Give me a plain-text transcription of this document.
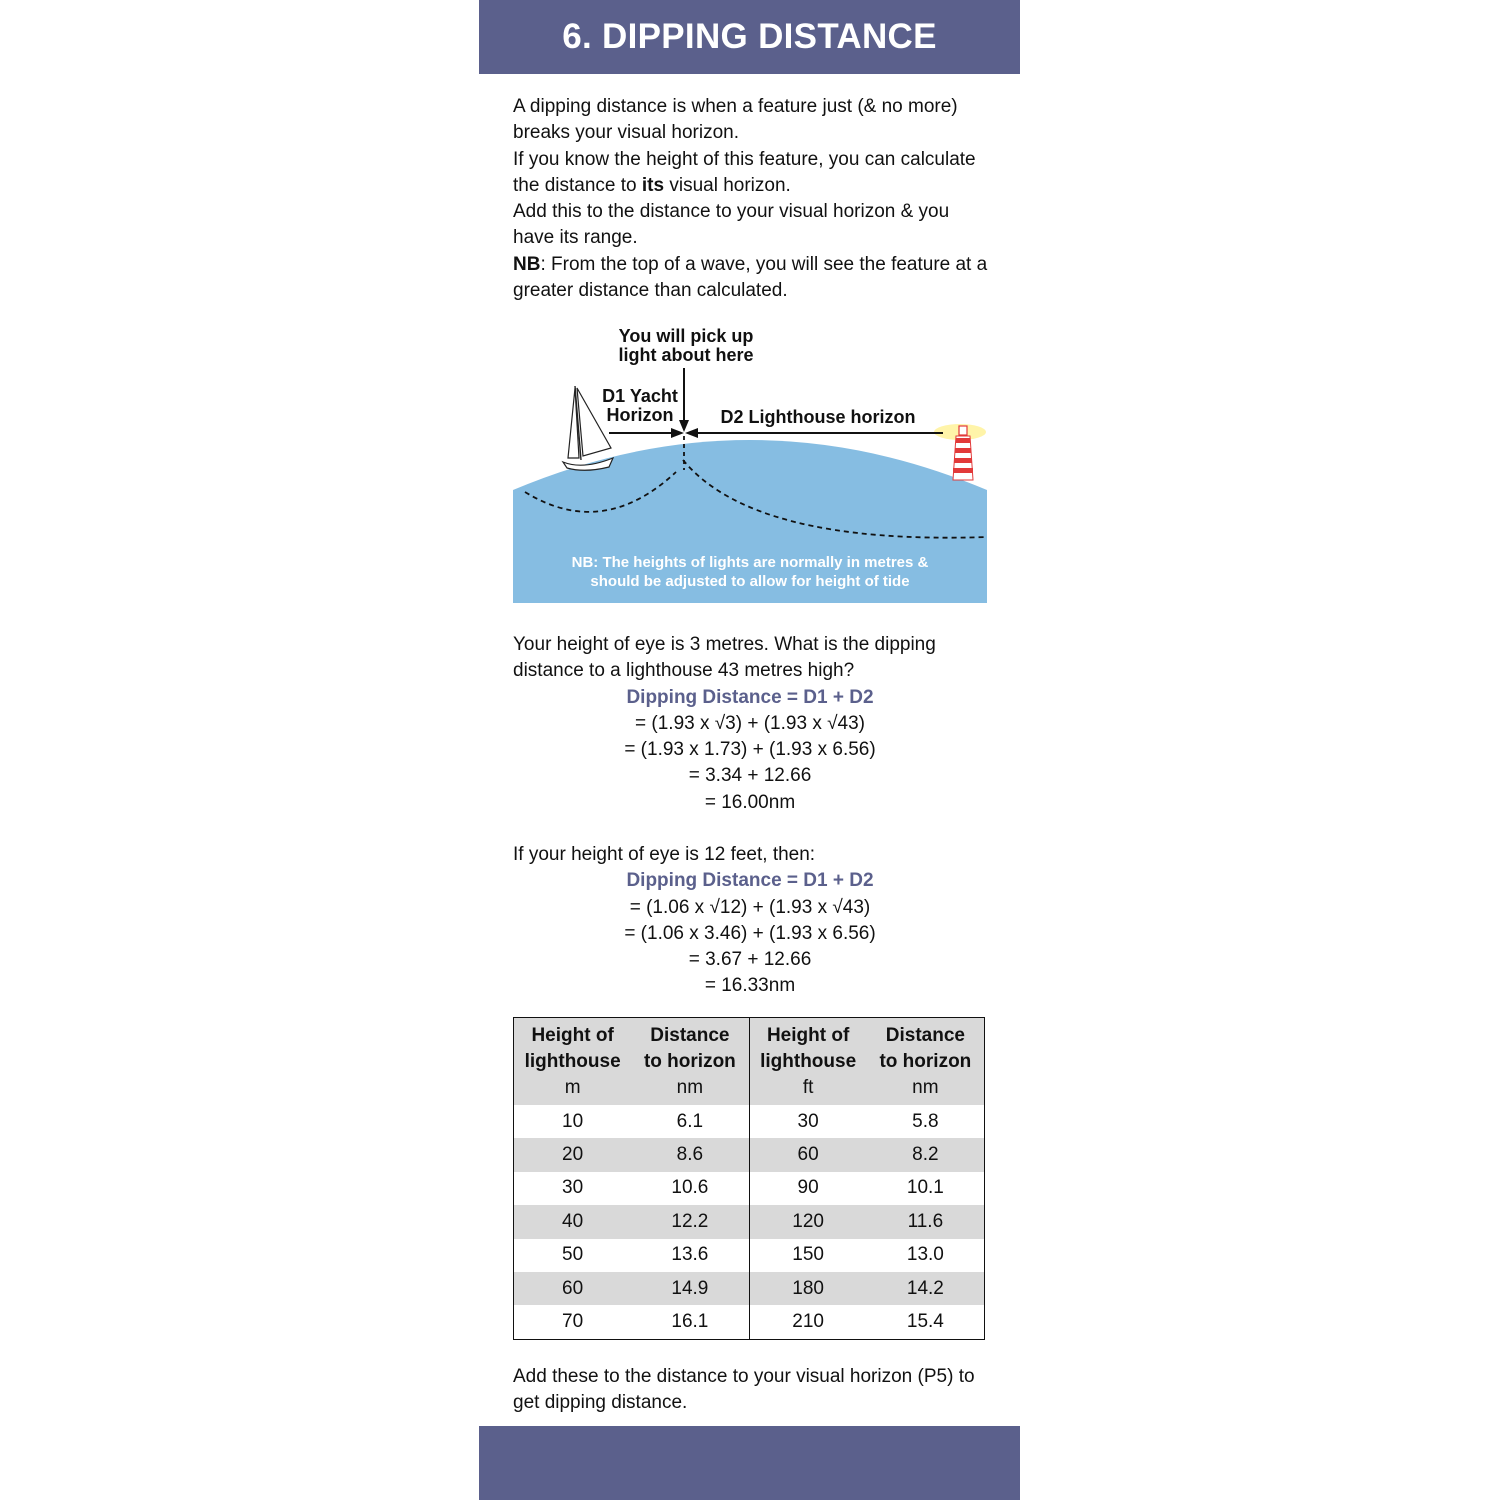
6. DIPPING DISTANCE

A dipping distance is when a feature just (& no more) breaks your visual horizon.

If you know the height of this feature, you can calculate the distance to its visual horizon.

Add this to the distance to your visual horizon & you have its range.

NB: From the top of a wave, you will see the feature at a greater distance than calculated.

You will pick up
light about here
D1 Yacht
Horizon	D2 Lighthouse horizon
NB: The heights of lights are normally in metres &
should be adjusted to allow for height of tide

Your height of eye is 3 metres. What is the dipping

distance to a lighthouse 43 metres high?

Dipping Distance = D1 + D2

= (1.93 x √3) + (1.93 x √43)

= (1.93 x 1.73) + (1.93 x 6.56)

= 3.34 + 12.66

= 16.00nm

If your height of eye is 12 feet, then:

Dipping Distance = D1 + D2

= (1.06 x √12) + (1.93 x √43)

= (1.06 x 3.46) + (1.93 x 6.56)

= 3.67 + 12.66

= 16.33nm

Height of
lighthouse
m	Distance
to horizon
nm	Height of
lighthouse
ft	Distance
to horizon
nm

10	6.1	30	5.8
20	8.6	60	8.2
30	10.6	90	10.1
40	12.2	120	11.6
50	13.6	150	13.0
60	14.9	180	14.2
70	16.1	210	15.4

Add these to the distance to your visual horizon (P5) to get dipping distance.
